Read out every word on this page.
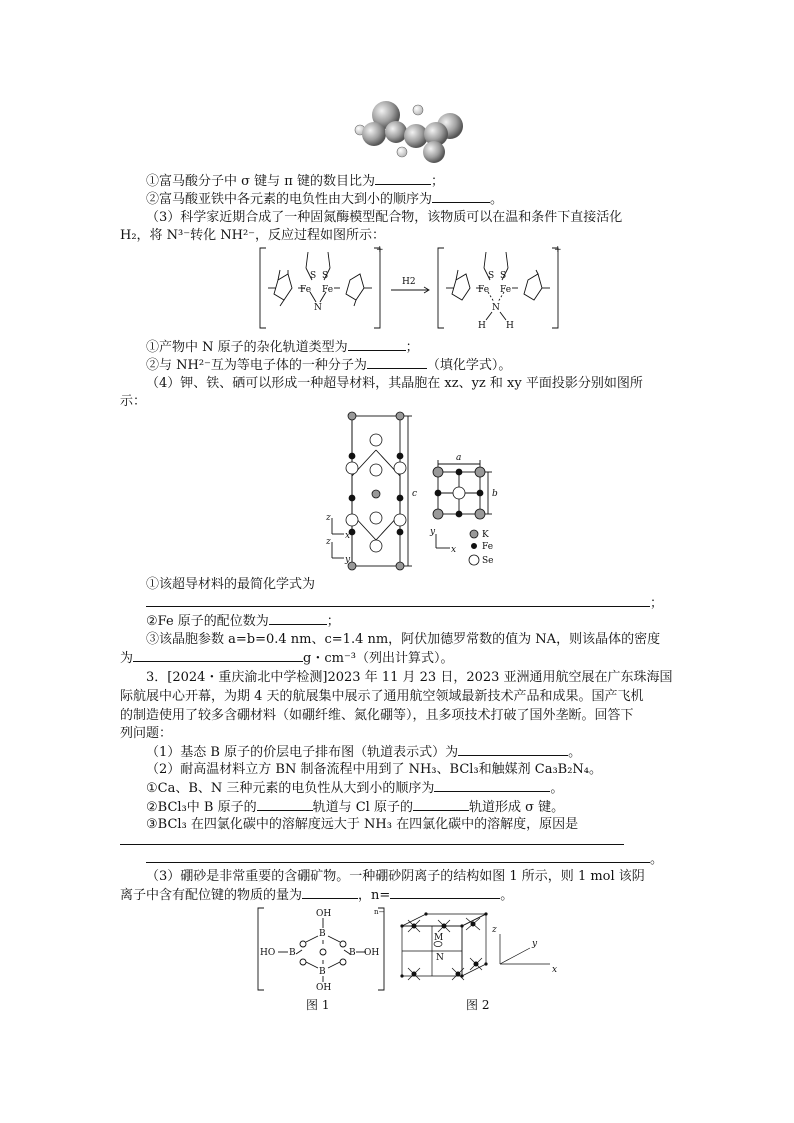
①富马酸分子中 σ 键与 π 键的数目比为	；
②富马酸亚铁中各元素的电负性由大到小的顺序为	。
（3）科学家近期合成了一种固氮酶模型配合物，该物质可以在温和条件下直接活化
H₂，将 N³⁻转化 NH²⁻，反应过程如图所示：
S S
Fe Fe
N
+
H2
S S
Fe Fe
N
H H
+
①产物中 N 原子的杂化轨道类型为	；
②与 NH²⁻互为等电子体的一种分子为	（填化学式）。
（4）钾、铁、硒可以形成一种超导材料，其晶胞在 xz、yz 和 xy 平面投影分别如图所
示：
c
a
b
z
x
z
y
y
x
K
Fe
Se
①该超导材料的最简化学式为
；
②Fe 原子的配位数为	；
③该晶胞参数 a=b=0.4 nm、c=1.4 nm，阿伏加德罗常数的值为 NA，则该晶体的密度
为	g・cm⁻³（列出计算式）。
3．[2024・重庆渝北中学检测]2023 年 11 月 23 日，2023 亚洲通用航空展在广东珠海国
际航展中心开幕，为期 4 天的航展集中展示了通用航空领域最新技术产品和成果。国产飞机
的制造使用了较多含硼材料（如硼纤维、氮化硼等），且多项技术打破了国外垄断。回答下
列问题：
（1）基态 B 原子的价层电子排布图（轨道表示式）为	。
（2）耐高温材料立方 BN 制备流程中用到了 NH₃、BCl₃和触媒剂 Ca₃B₂N₄。
①Ca、B、N 三种元素的电负性从大到小的顺序为	。
②BCl₃中 B 原子的	轨道与 Cl 原子的	轨道形成 σ 键。
③BCl₃ 在四氯化碳中的溶解度远大于 NH₃ 在四氯化碳中的溶解度，原因是
。
（3）硼砂是非常重要的含硼矿物。一种硼砂阴离子的结构如图 1 所示，则 1 mol 该阴
离子中含有配位键的物质的量为	，n=	。
OH
B
HO B	B OH
B
OH
n−
M
N
z
y
x
图 1	图 2
